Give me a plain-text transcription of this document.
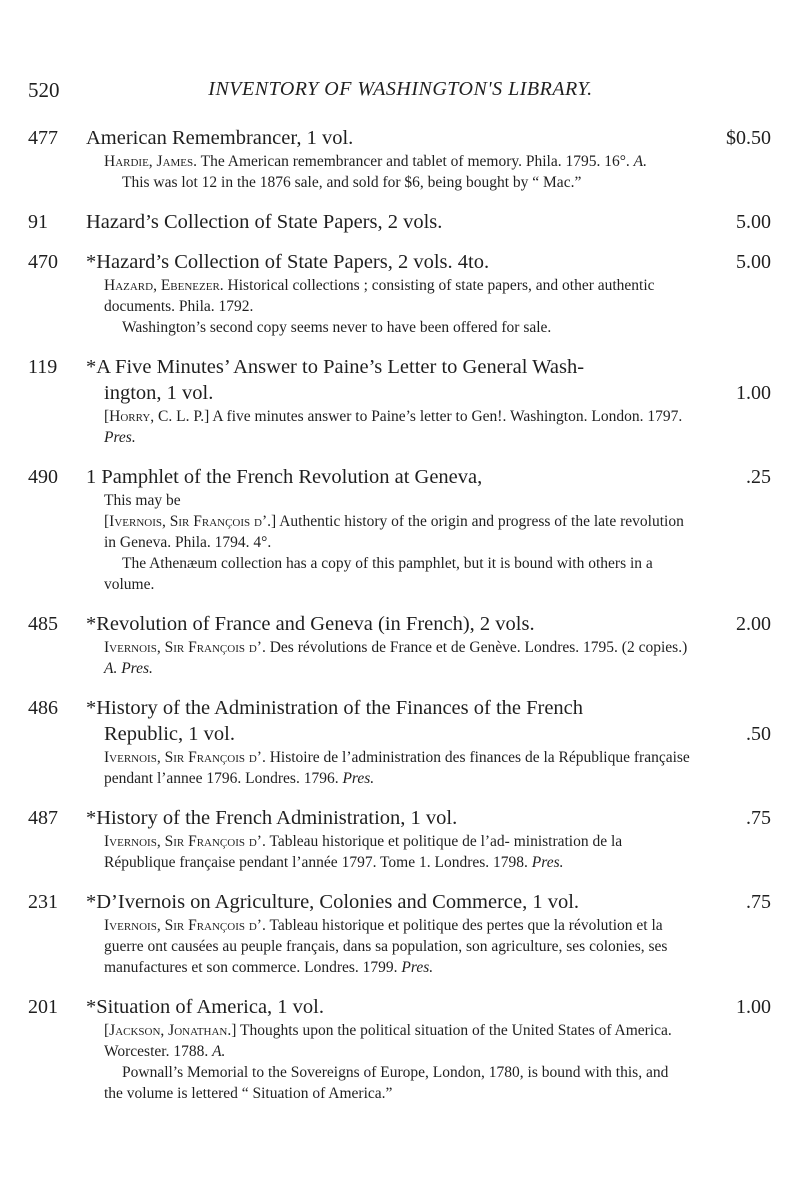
520	INVENTORY OF WASHINGTON'S LIBRARY.
477 American Remembrancer, 1 vol.	$0.50
Hardie, James. The American remembrancer and tablet of memory. Phila. 1795. 16°. A.
This was lot 12 in the 1876 sale, and sold for $6, being bought by “ Mac.”
91 Hazard’s Collection of State Papers, 2 vols.	5.00
470 *Hazard’s Collection of State Papers, 2 vols. 4to.	5.00
Hazard, Ebenezer. Historical collections ; consisting of state papers, and other authentic documents. Phila. 1792.
Washington’s second copy seems never to have been offered for sale.
119 *A Five Minutes’ Answer to Paine’s Letter to General Wash-
ington, 1 vol.	1.00
[Horry, C. L. P.] A five minutes answer to Paine’s letter to Gen!. Washington. London. 1797. Pres.
490 1 Pamphlet of the French Revolution at Geneva,	.25
This may be
[Ivernois, Sir François d’.] Authentic history of the origin and progress of the late revolution in Geneva. Phila. 1794. 4°.
The Athenæum collection has a copy of this pamphlet, but it is bound with others in a volume.
485 *Revolution of France and Geneva (in French), 2 vols.	2.00
Ivernois, Sir François d’. Des révolutions de France et de Genève. Londres. 1795. (2 copies.) A. Pres.
486 *History of the Administration of the Finances of the French
Republic, 1 vol.	.50
Ivernois, Sir François d’. Histoire de l’administration des finances de la République française pendant l’annee 1796. Londres. 1796. Pres.
487 *History of the French Administration, 1 vol.	.75
Ivernois, Sir François d’. Tableau historique et politique de l’ad- ministration de la République française pendant l’année 1797. Tome 1. Londres. 1798. Pres.
231 *D’Ivernois on Agriculture, Colonies and Commerce, 1 vol.	.75
Ivernois, Sir François d’. Tableau historique et politique des pertes que la révolution et la guerre ont causées au peuple français, dans sa population, son agriculture, ses colonies, ses manufactures et son commerce. Londres. 1799. Pres.
201 *Situation of America, 1 vol.	1.00
[Jackson, Jonathan.] Thoughts upon the political situation of the United States of America. Worcester. 1788. A.
Pownall’s Memorial to the Sovereigns of Europe, London, 1780, is bound with this, and the volume is lettered “ Situation of America.”
